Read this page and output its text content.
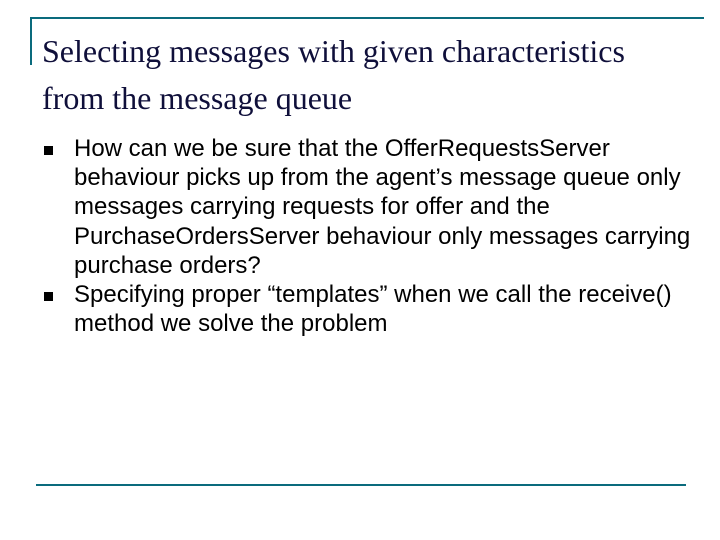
Selecting messages with given characteristics from the message queue
How can we be sure that the OfferRequestsServer behaviour picks up from the agent’s message queue only messages carrying requests for offer and the PurchaseOrdersServer behaviour only messages carrying purchase orders?
Specifying proper “templates” when we call the receive() method we solve the problem
